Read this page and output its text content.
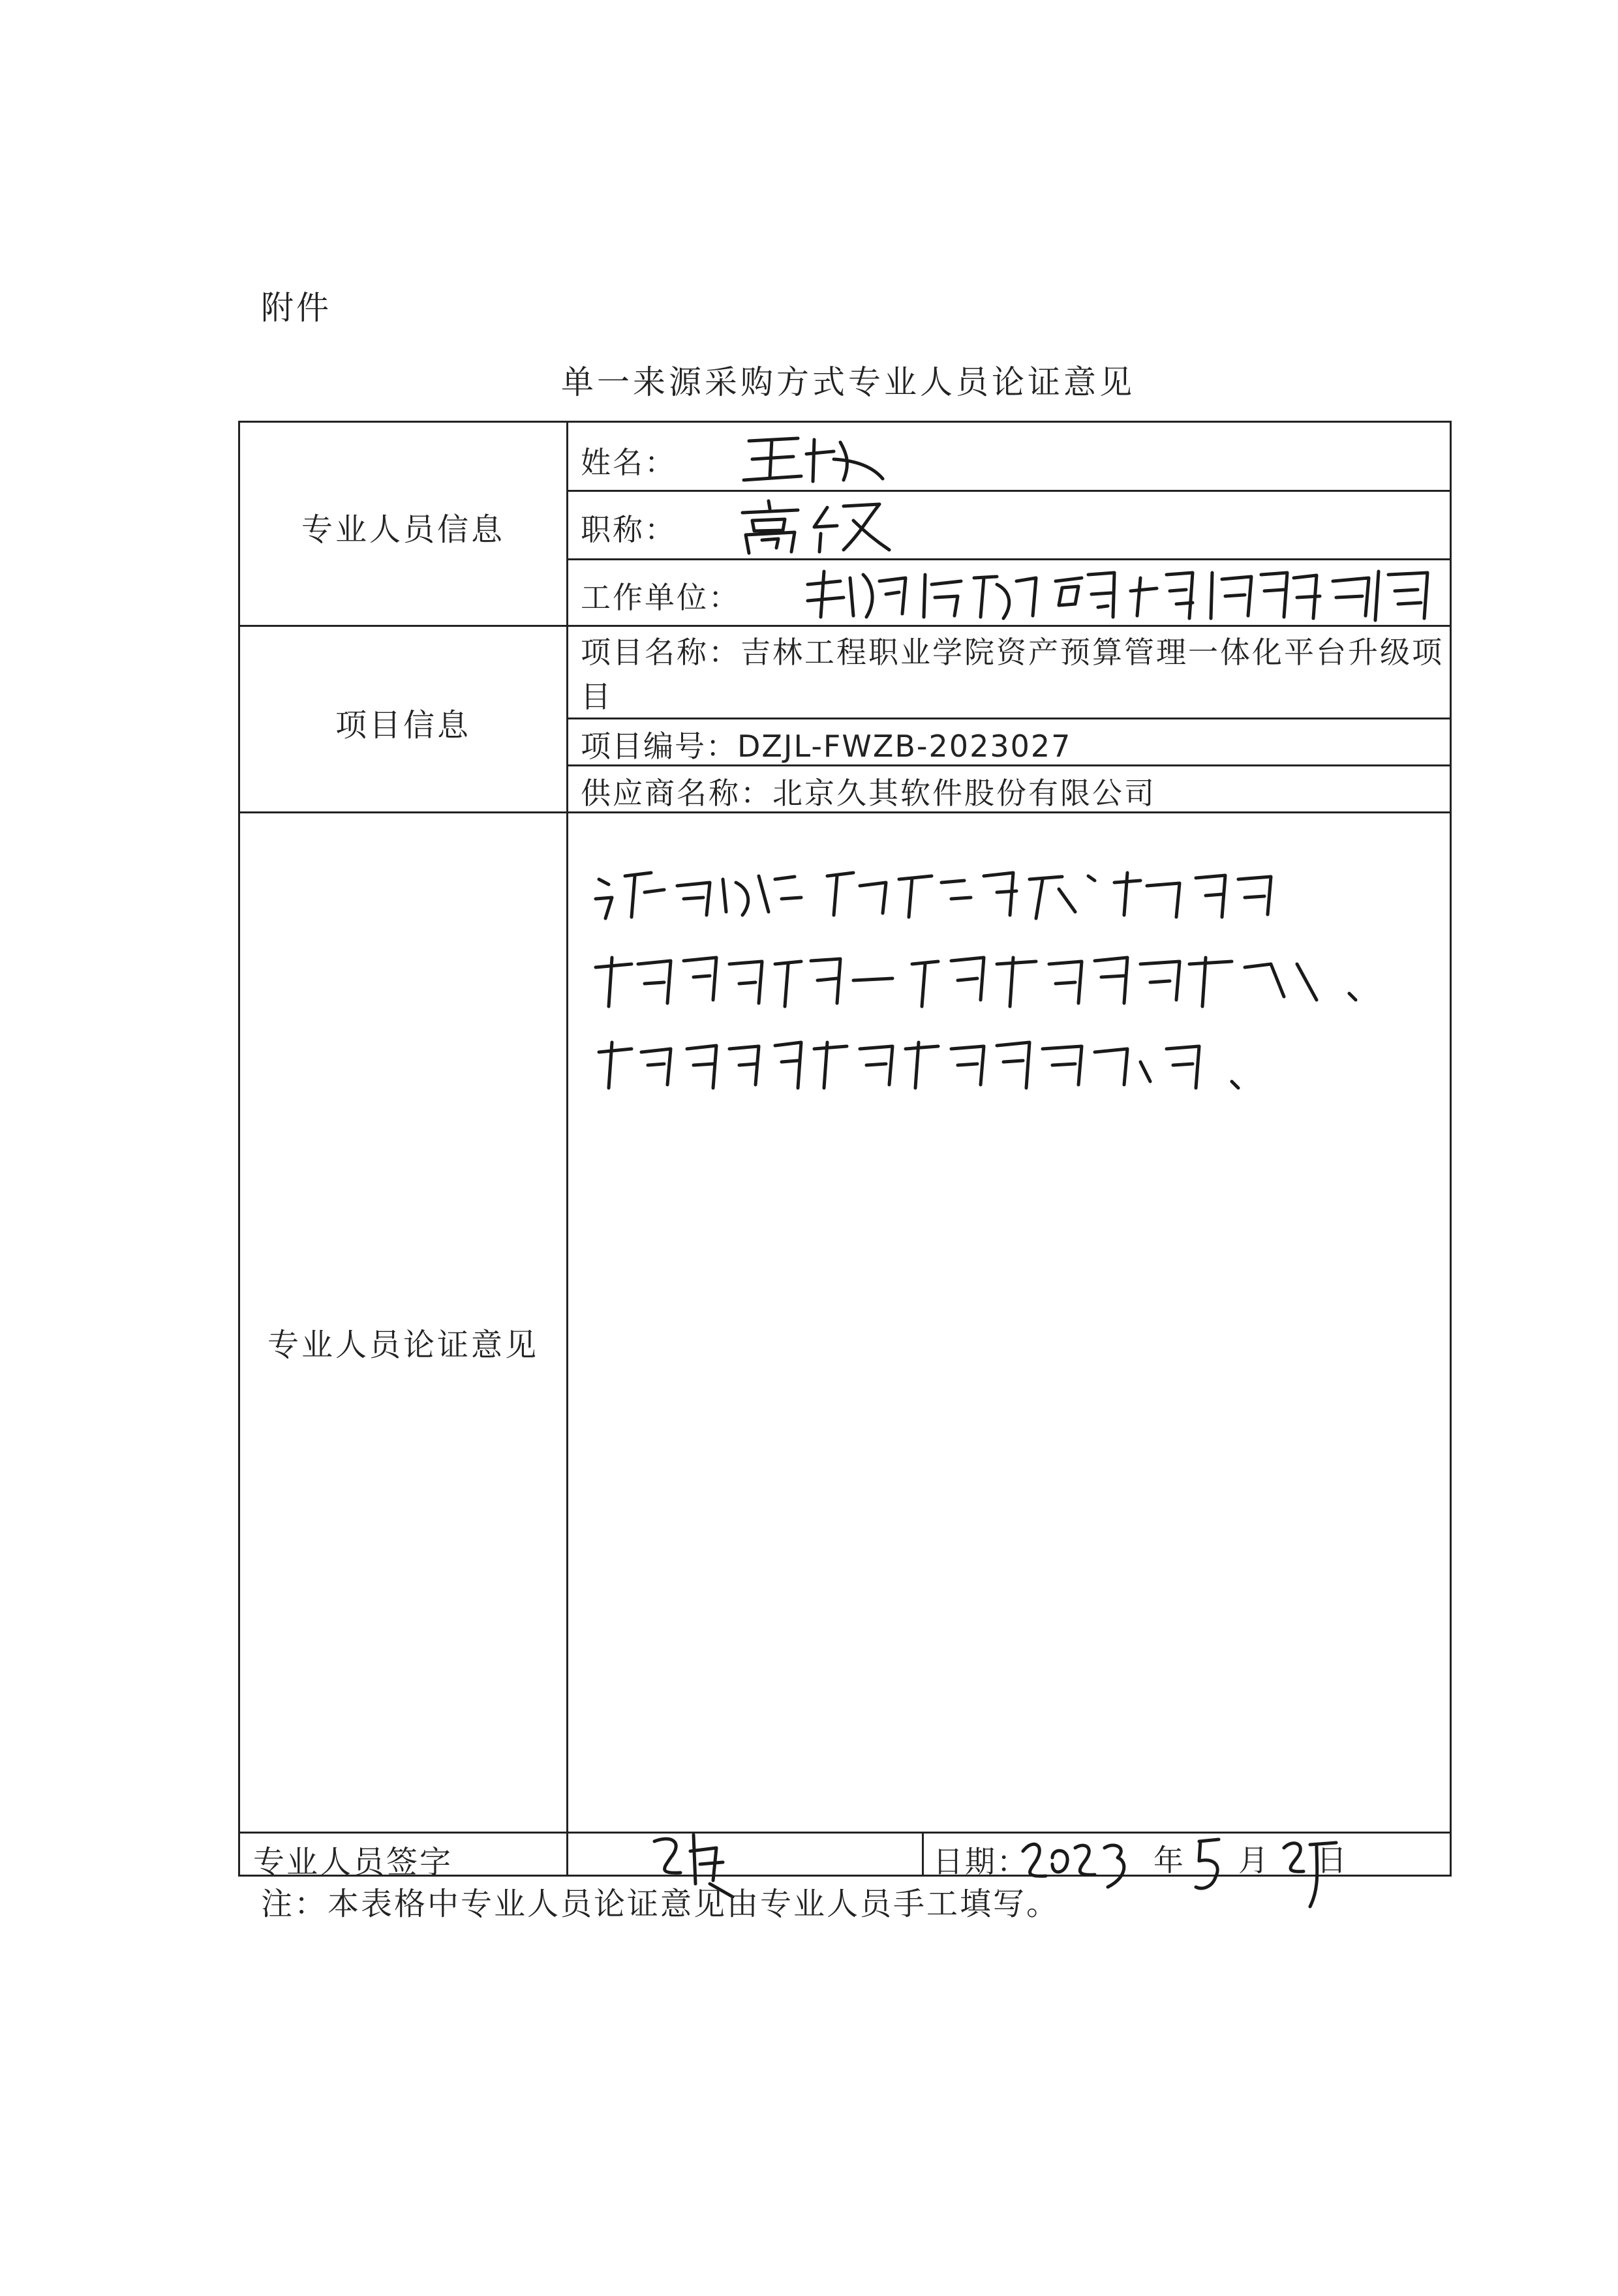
附件
单一来源采购方式专业人员论证意见
专业人员信息
姓名：
职称：
工作单位：
项目信息
项目名称：吉林工程职业学院资产预算管理一体化平台升级项目
项目编号：DZJL-FWZB-2023027
供应商名称：北京久其软件股份有限公司
专业人员论证意见
专业人员签字	日期：	年 月 日
注：本表格中专业人员论证意见由专业人员手工填写。
